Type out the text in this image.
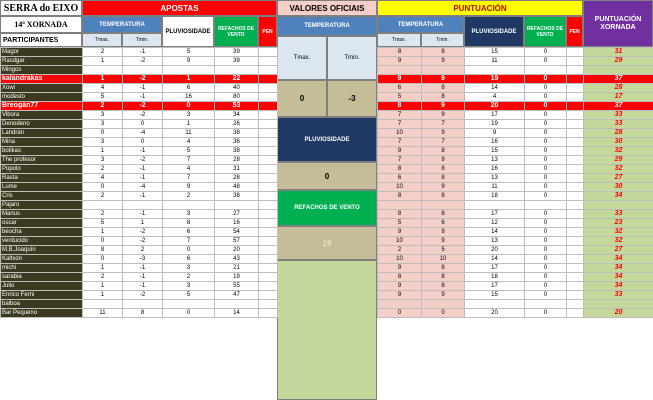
SERRA do EIXO
14ª XORNADA
PARTICIPANTES
APOSTAS
TEMPERATURA
Tmax.	Tmin.
PLUVIOSIDADE	REFACHOS DE VENTO	PEN
VALORES OFICIAIS
TEMPERATURA
Tmax.	Tmin.
0	-3
PLUVIOSIDADE
0
REFACHOS DE VENTO
19
PUNTUACIÓN
TEMPERATURA
Tmax.	Tmin.
PLUVIOSIDADE	REFACHOS DE VENTO	PEN
PUNTUACIÓN XORNADA
Magor	2	-1	5	39	
Rasdgar	1	-2	9	39	
Mingos					
kalandrakas	1	-2	1	22	
Xowi	4	-1	6	40	
modesto	5	-1	16	80	
Breogán77	2	-2	0	53	
Vibora	3	-2	3	34	
Denodeno	3	0	1	26	
Landrán	0	-4	11	38	
Mina	3	0	4	36	
botikas	1	-1	5	38	
The profesor	3	-2	7	28	
Popolo	2	-1	4	31	
Rasta	4	-1	7	28	
Lume	0	-4	9	48	
Cris	2	-1	2	38	
Pajaro					
Marius	2	-1	3	27	
oscar	5	1	8	16	
beocha	1	-2	6	54	
verducido	0	-2	7	57	
M.B.Joaquín	8	2	0	20	
Kaltxon	0	-3	6	43	
michi	1	-1	3	21	
sarabia	2	-1	2	19	
Julio	1	-1	3	55	
Enrico Ferni	1	-2	5	47	
balboa					
Bar Pequeno	11	8	0	14	
8	8	15	0		31
9	9	11	0		29

9	9	19	0		37
6	8	14	0		28
5	8	4	0		17
8	9	20	0		37
7	9	17	0		33
7	7	19	0		33
10	9	9	0		28
7	7	16	0		30
9	8	15	0		32
7	9	13	0		29
8	8	16	0		32
6	8	13	0		27
10	9	11	0		30
8	8	18	0		34

8	8	17	0		33
5	6	12	0		23
9	9	14	0		32
10	9	13	0		32
2	5	20	0		27
10	10	14	0		34
9	8	17	0		34
8	8	18	0		34
9	8	17	0		34
9	9	15	0		33

0	0	20	0		20
